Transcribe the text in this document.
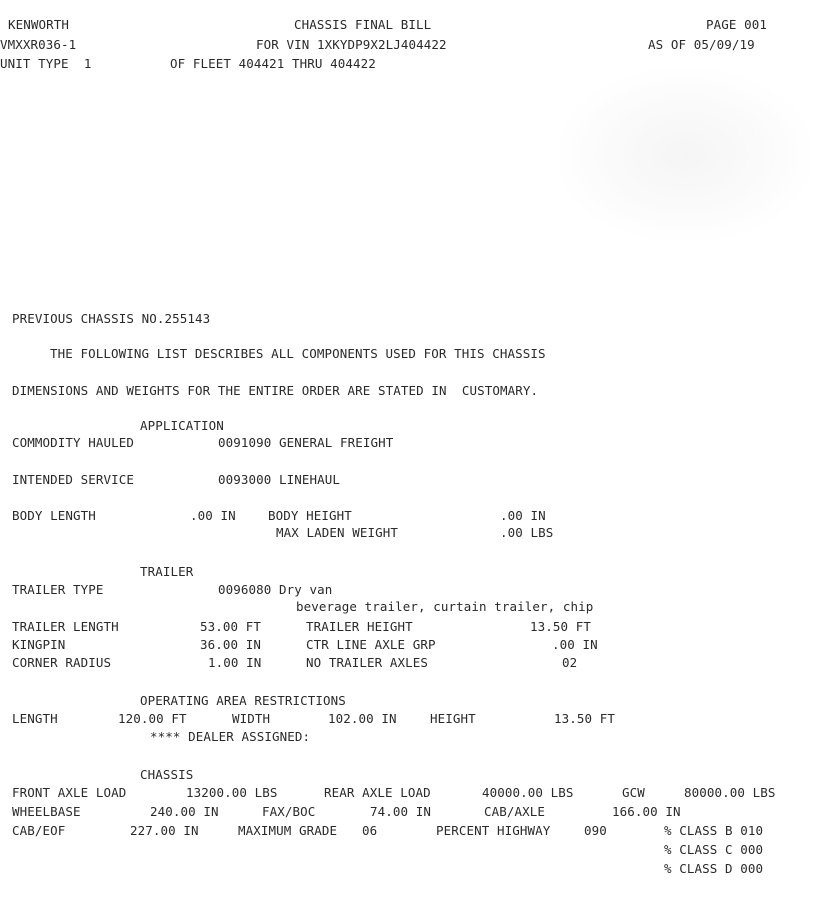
KENWORTH	CHASSIS FINAL BILL	PAGE 001
VMXXR036-1	FOR VIN 1XKYDP9X2LJ404422	AS OF 05/09/19
UNIT TYPE  1	OF FLEET 404421 THRU 404422
PREVIOUS CHASSIS NO.255143
THE FOLLOWING LIST DESCRIBES ALL COMPONENTS USED FOR THIS CHASSIS
DIMENSIONS AND WEIGHTS FOR THE ENTIRE ORDER ARE STATED IN  CUSTOMARY.
APPLICATION
COMMODITY HAULED	0091090 GENERAL FREIGHT
INTENDED SERVICE	0093000 LINEHAUL
BODY LENGTH	.00 IN	BODY HEIGHT	.00 IN
MAX LADEN WEIGHT	.00 LBS
TRAILER
TRAILER TYPE	0096080 Dry van
beverage trailer, curtain trailer, chip
TRAILER LENGTH	53.00 FT	TRAILER HEIGHT	13.50 FT
KINGPIN	36.00 IN	CTR LINE AXLE GRP	.00 IN
CORNER RADIUS	1.00 IN	NO TRAILER AXLES	02
OPERATING AREA RESTRICTIONS
LENGTH	120.00 FT	WIDTH	102.00 IN	HEIGHT	13.50 FT
**** DEALER ASSIGNED:
CHASSIS
FRONT AXLE LOAD	13200.00 LBS	REAR AXLE LOAD	40000.00 LBS	GCW	80000.00 LBS
WHEELBASE	240.00 IN	FAX/BOC	74.00 IN	CAB/AXLE	166.00 IN
CAB/EOF	227.00 IN	MAXIMUM GRADE 06	PERCENT HIGHWAY	090	% CLASS B 010
% CLASS C 000
% CLASS D 000
